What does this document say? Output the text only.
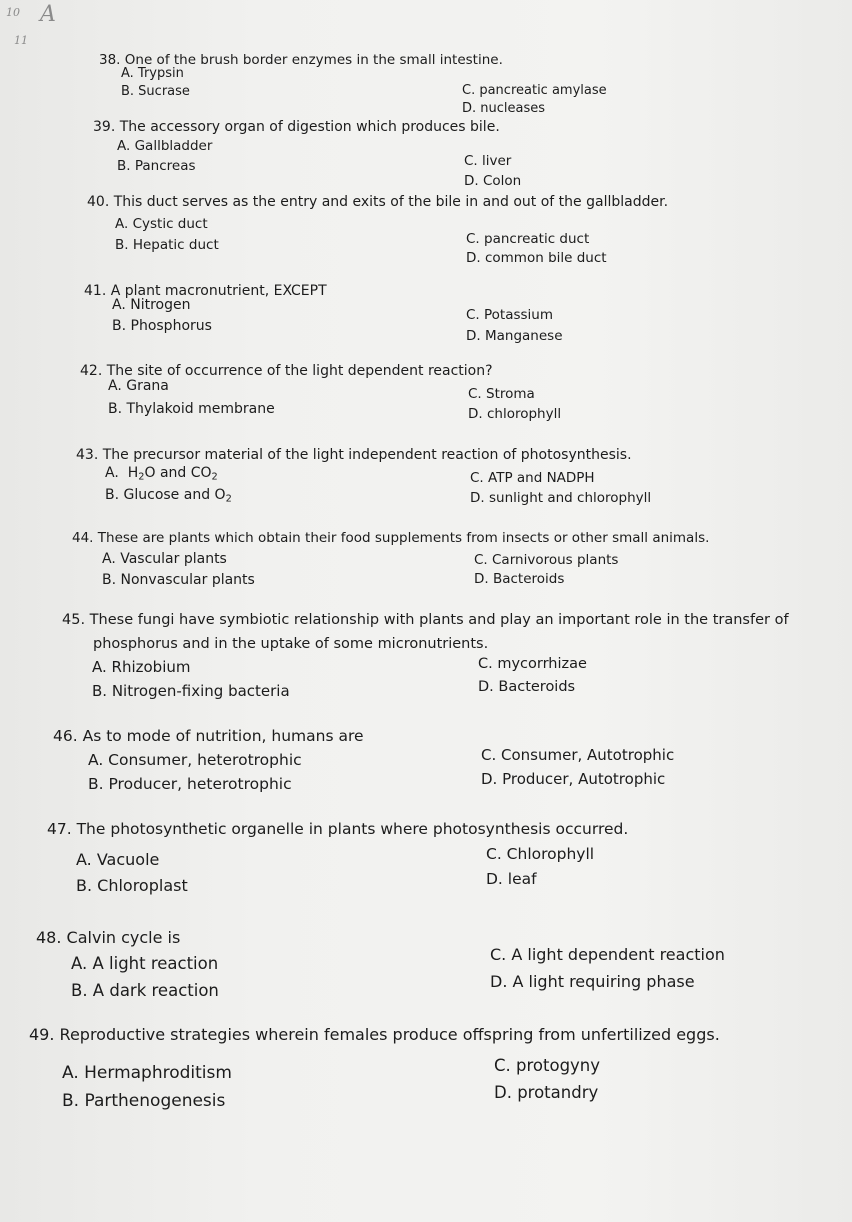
10 A
11
38. One of the brush border enzymes in the small intestine.
A. Trypsin
B. Sucrase	C. pancreatic amylase
D. nucleases
39. The accessory organ of digestion which produces bile.
A. Gallbladder
B. Pancreas	C. liver
D. Colon
40. This duct serves as the entry and exits of the bile in and out of the gallbladder.
A. Cystic duct
B. Hepatic duct	C. pancreatic duct
D. common bile duct
41. A plant macronutrient, EXCEPT
A. Nitrogen
B. Phosphorus
C. Potassium
D. Manganese
42. The site of occurrence of the light dependent reaction?
A. Grana
B. Thylakoid membrane
C. Stroma
D. chlorophyll
43. The precursor material of the light independent reaction of photosynthesis.
A. $H_2O$ and $CO_2$
B. Glucose and $O_2$
C. ATP and NADPH
D. sunlight and chlorophyll
44. These are plants which obtain their food supplements from insects or other small animals.
A. Vascular plants
B. Nonvascular plants
C. Carnivorous plants
D. Bacteroids
45. These fungi have symbiotic relationship with plants and play an important role in the transfer of
phosphorus and in the uptake of some micronutrients.
A. Rhizobium
B. Nitrogen-fixing bacteria
C. mycorrhizae
D. Bacteroids
46. As to mode of nutrition, humans are
A. Consumer, heterotrophic
B. Producer, heterotrophic
C. Consumer, Autotrophic
D. Producer, Autotrophic
47. The photosynthetic organelle in plants where photosynthesis occurred.
A. Vacuole
B. Chloroplast
C. Chlorophyll
D. leaf
48. Calvin cycle is
A. A light reaction
B. A dark reaction
C. A light dependent reaction
D. A light requiring phase
49. Reproductive strategies wherein females produce offspring from unfertilized eggs.
A. Hermaphroditism
B. Parthenogenesis
C. protogyny
D. protandry
